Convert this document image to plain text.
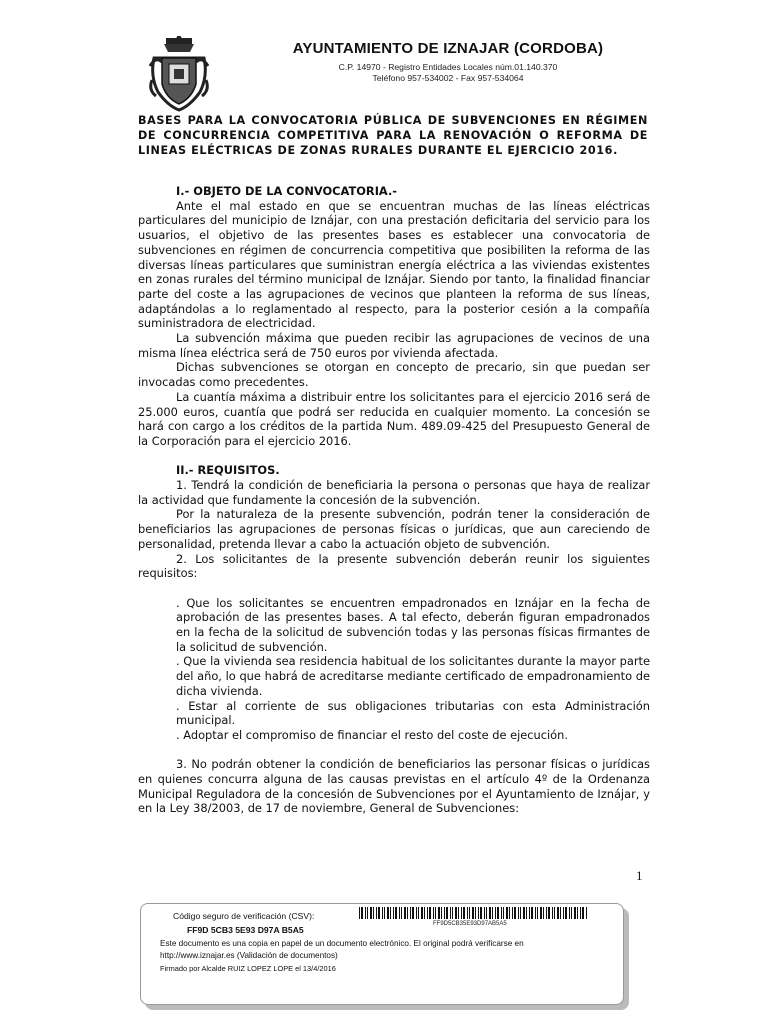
AYUNTAMIENTO DE IZNAJAR (CORDOBA)
C.P. 14970 - Registro Entidades Locales núm.01.140.370
Teléfono 957-534002 - Fax 957-534064
BASES PARA LA CONVOCATORIA PÚBLICA DE SUBVENCIONES EN RÉGIMEN DE CONCURRENCIA COMPETITIVA PARA LA RENOVACIÓN O REFORMA DE LINEAS ELÉCTRICAS DE ZONAS RURALES DURANTE EL EJERCICIO 2016.

I.- OBJETO DE LA CONVOCATORIA.-

Ante el mal estado en que se encuentran muchas de las líneas eléctricas particulares del municipio de Iznájar, con una prestación deficitaria del servicio para los usuarios, el objetivo de las presentes bases es establecer una convocatoria de subvenciones en régimen de concurrencia competitiva que posibiliten la reforma de las diversas líneas particulares que suministran energía eléctrica a las viviendas existentes en zonas rurales del término municipal de Iznájar. Siendo por tanto, la finalidad financiar parte del coste a las agrupaciones de vecinos que planteen la reforma de sus líneas, adaptándolas a lo reglamentado al respecto, para la posterior cesión a la compañía suministradora de electricidad.

La subvención máxima que pueden recibir las agrupaciones de vecinos de una misma línea eléctrica será de 750 euros por vivienda afectada.

Dichas subvenciones se otorgan en concepto de precario, sin que puedan ser invocadas como precedentes.

La cuantía máxima a distribuir entre los solicitantes para el ejercicio 2016 será de 25.000 euros, cuantía que podrá ser reducida en cualquier momento. La concesión se hará con cargo a los créditos de la partida Num. 489.09-425 del Presupuesto General de la Corporación para el ejercicio 2016.

II.- REQUISITOS.

1. Tendrá la condición de beneficiaria la persona o personas que haya de realizar la actividad que fundamente la concesión de la subvención.

Por la naturaleza de la presente subvención, podrán tener la consideración de beneficiarios las agrupaciones de personas físicas o jurídicas, que aun careciendo de personalidad, pretenda llevar a cabo la actuación objeto de subvención.

2. Los solicitantes de la presente subvención deberán reunir los siguientes requisitos:

. Que los solicitantes se encuentren empadronados en Iznájar en la fecha de aprobación de las presentes bases. A tal efecto, deberán figuran empadronados en la fecha de la solicitud de subvención todas y las personas físicas firmantes de la solicitud de subvención.

. Que la vivienda sea residencia habitual de los solicitantes durante la mayor parte del año, lo que habrá de acreditarse mediante certificado de empadronamiento de dicha vivienda.

. Estar al corriente de sus obligaciones tributarias con esta Administración municipal.

. Adoptar el compromiso de financiar el resto del coste de ejecución.

3. No podrán obtener la condición de beneficiarios las personar físicas o jurídicas en quienes concurra alguna de las causas previstas en el artículo 4º de la Ordenanza Municipal Reguladora de la concesión de Subvenciones por el Ayuntamiento de Iznájar, y en la Ley 38/2003, de 17 de noviembre, General de Subvenciones:

1
Código seguro de verificación (CSV):
FF9D 5CB3 5E93 D97A B5A5
FF9D5CB35E93D97AB5A5
Este documento es una copia en papel de un documento electrónico. El original podrá verificarse en
http://www.iznajar.es (Validación de documentos)
Firmado por Alcalde RUIZ LOPEZ LOPE el 13/4/2016
